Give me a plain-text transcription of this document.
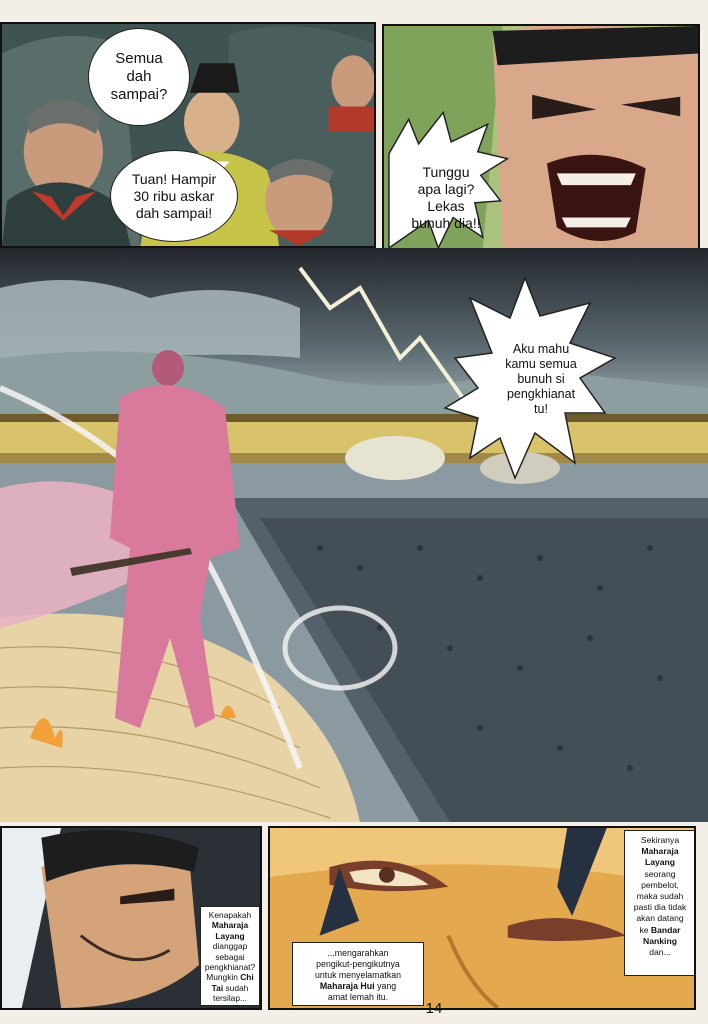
Semua
dah
sampai?
Tuan! Hampir
30 ribu askar
dah sampai!
Tunggu
apa lagi?
Lekas
bunuh dia!!
Aku mahu
kamu semua
bunuh si
pengkhianat
tu!
Kenapakah
Maharaja
Layang
dianggap
sebagai
pengkhianat?
Mungkin Chi
Tai sudah
tersilap...
...mengarahkan
pengikut-pengikutnya
untuk menyelamatkan
Maharaja Hui yang
amat lemah itu.
Sekiranya
Maharaja
Layang
seorang
pembelot,
maka sudah
pasti dia tidak
akan datang
ke Bandar
Nanking
dan...
14
